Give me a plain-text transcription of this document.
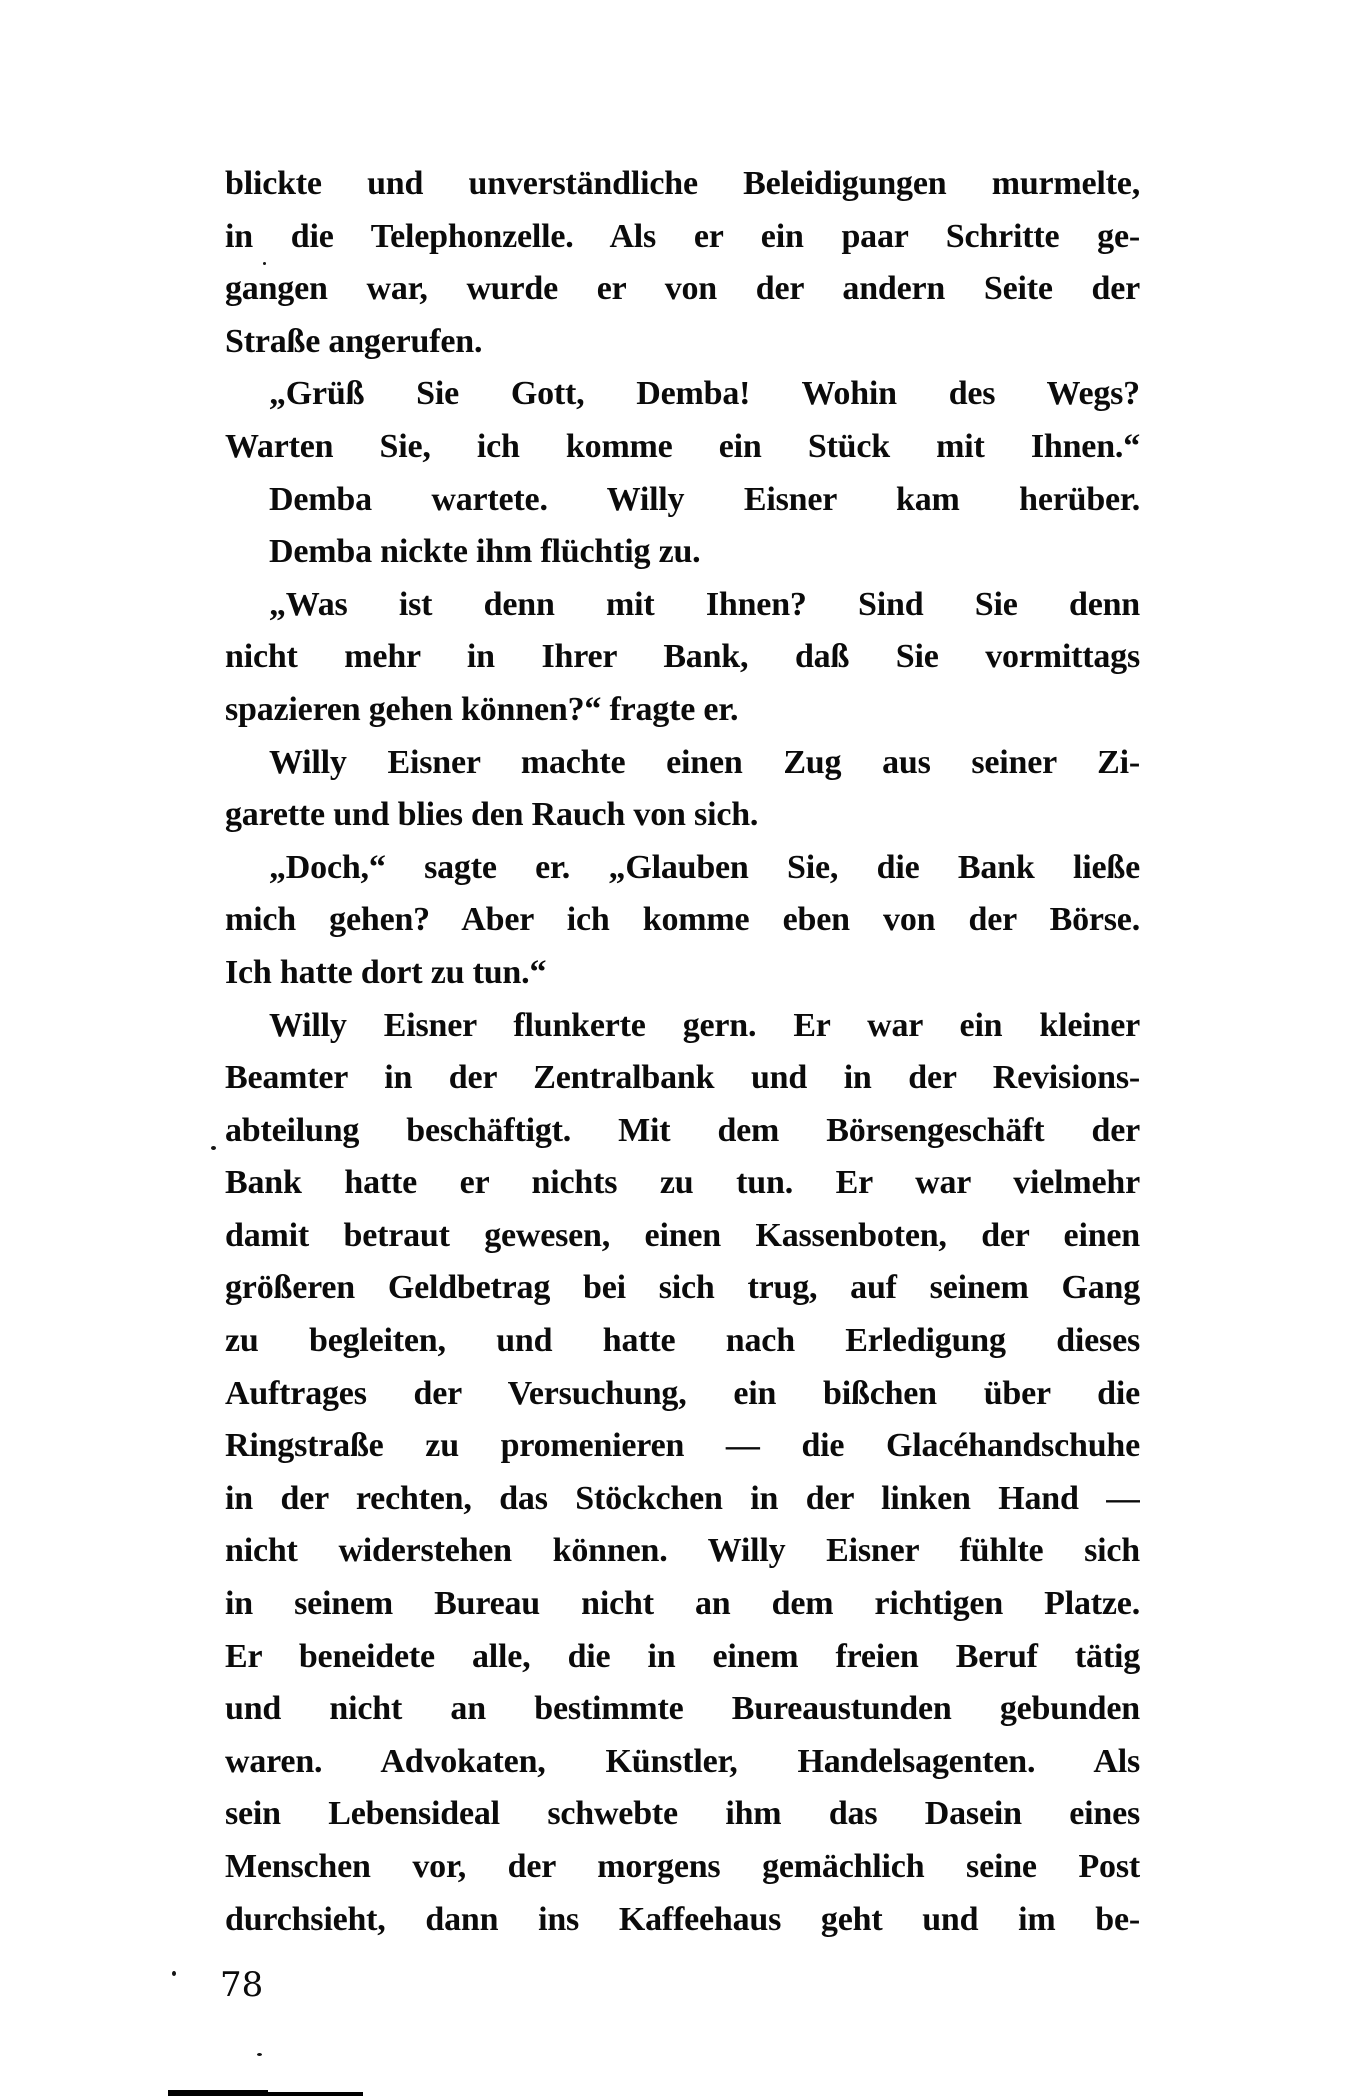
blickte und unverständliche Beleidigungen murmelte,
in die Telephonzelle. Als er ein paar Schritte ge-
gangen war, wurde er von der andern Seite der
Straße angerufen.
„Grüß Sie Gott, Demba! Wohin des Wegs?
Warten Sie, ich komme ein Stück mit Ihnen.“
Demba wartete. Willy Eisner kam herüber.
Demba nickte ihm flüchtig zu.
„Was ist denn mit Ihnen? Sind Sie denn
nicht mehr in Ihrer Bank, daß Sie vormittags
spazieren gehen können?“ fragte er.
Willy Eisner machte einen Zug aus seiner Zi-
garette und blies den Rauch von sich.
„Doch,“ sagte er. „Glauben Sie, die Bank ließe
mich gehen? Aber ich komme eben von der Börse.
Ich hatte dort zu tun.“
Willy Eisner flunkerte gern. Er war ein kleiner
Beamter in der Zentralbank und in der Revisions-
abteilung beschäftigt. Mit dem Börsengeschäft der
Bank hatte er nichts zu tun. Er war vielmehr
damit betraut gewesen, einen Kassenboten, der einen
größeren Geldbetrag bei sich trug, auf seinem Gang
zu begleiten, und hatte nach Erledigung dieses
Auftrages der Versuchung, ein bißchen über die
Ringstraße zu promenieren — die Glacéhandschuhe
in der rechten, das Stöckchen in der linken Hand —
nicht widerstehen können. Willy Eisner fühlte sich
in seinem Bureau nicht an dem richtigen Platze.
Er beneidete alle, die in einem freien Beruf tätig
und nicht an bestimmte Bureaustunden gebunden
waren. Advokaten, Künstler, Handelsagenten. Als
sein Lebensideal schwebte ihm das Dasein eines
Menschen vor, der morgens gemächlich seine Post
durchsieht, dann ins Kaffeehaus geht und im be-
78
